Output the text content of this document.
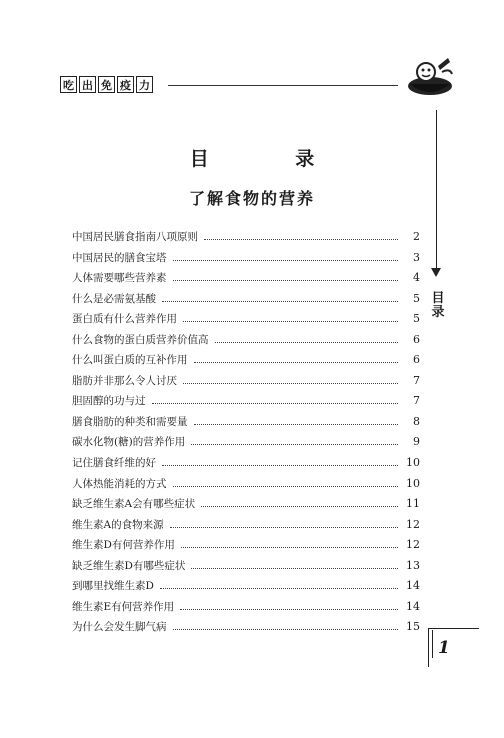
吃 出 免 疫 力
目录
目 录
了解食物的营养
中国居民膳食指南八项原则	2
中国居民的膳食宝塔	3
人体需要哪些营养素	4
什么是必需氨基酸	5
蛋白质有什么营养作用	5
什么食物的蛋白质营养价值高	6
什么叫蛋白质的互补作用	6
脂肪并非那么令人讨厌	7
胆固醇的功与过	7
膳食脂肪的种类和需要量	8
碳水化物(糖)的营养作用	9
记住膳食纤维的好	10
人体热能消耗的方式	10
缺乏维生素A会有哪些症状	11
维生素A的食物来源	12
维生素D有何营养作用	12
缺乏维生素D有哪些症状	13
到哪里找维生素D	14
维生素E有何营养作用	14
为什么会发生脚气病	15
1
